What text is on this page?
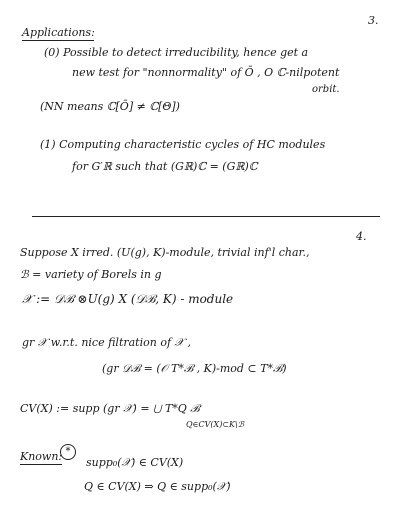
3.
Applications:
(0) Possible to detect irreducibility, hence get a
new test for "nonnormality" of Ō , Ο ℂ-nilpotent
orbit.
(NN means ℂ[Ō] ≠ ℂ[Θ])
(1) Computing characteristic cycles of HC modules
for G′ℝ such that (Gℝ)ℂ = (Gℝ)ℂ
4.
Suppose X irred. (U(g), K)-module, trivial inf'l char.,
ℬ = variety of Borels in g
𝒳 := 𝒟ℬ ⊗U(g) X (𝒟ℬ, K) - module
gr 𝒳 w.r.t. nice filtration of 𝒳 ,
(gr 𝒟ℬ = (𝒪 T*ℬ , K)-mod ⊂ T*ℬ)
CV(X) := supp (gr 𝒳) = ⋃ T*Q ℬ
Q∈CV(X)⊂K\ℬ
Known: *
supp₀(𝒳) ∈ CV(X)
Q ∈ CV(X) ⇒ Q ∈ supp₀(𝒳)
